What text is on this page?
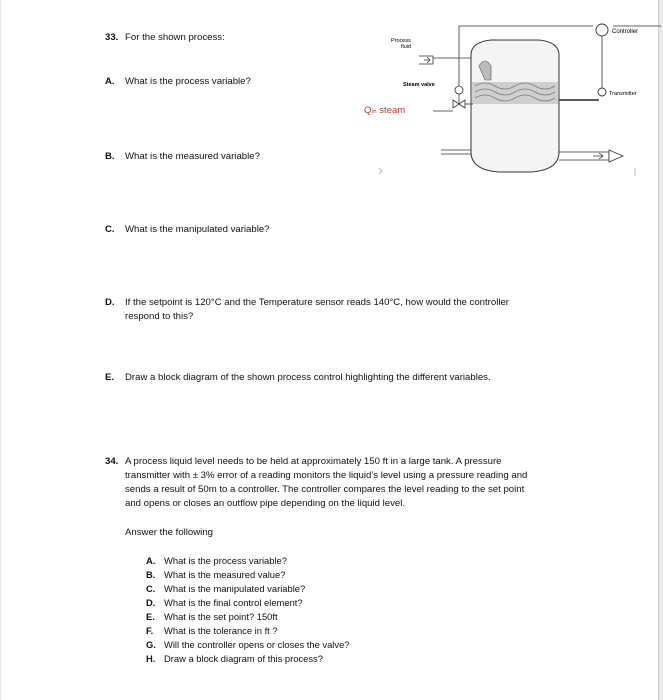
33. For the shown process:
A. What is the process variable?
B. What is the measured variable?
C. What is the manipulated variable?
D. If the setpoint is 120°C and the Temperature sensor reads 140°C, how would the controller
respond to this?
E. Draw a block diagram of the shown process control highlighting the different variables.
Controller
Transmitter
Process
fluid
Steam valve
Qᵢₙ steam
34. A process liquid level needs to be held at approximately 150 ft in a large tank. A pressure
transmitter with ± 3% error of a reading monitors the liquid’s level using a pressure reading and
sends a result of 50m to a controller. The controller compares the level reading to the set point
and opens or closes an outflow pipe depending on the liquid level.
Answer the following
A. What is the process variable?
B. What is the measured value?
C. What is the manipulated variable?
D. What is the final control element?
E. What is the set point? 150ft
F. What is the tolerance in ft ?
G. Will the controller opens or closes the valve?
H. Draw a block diagram of this process?
